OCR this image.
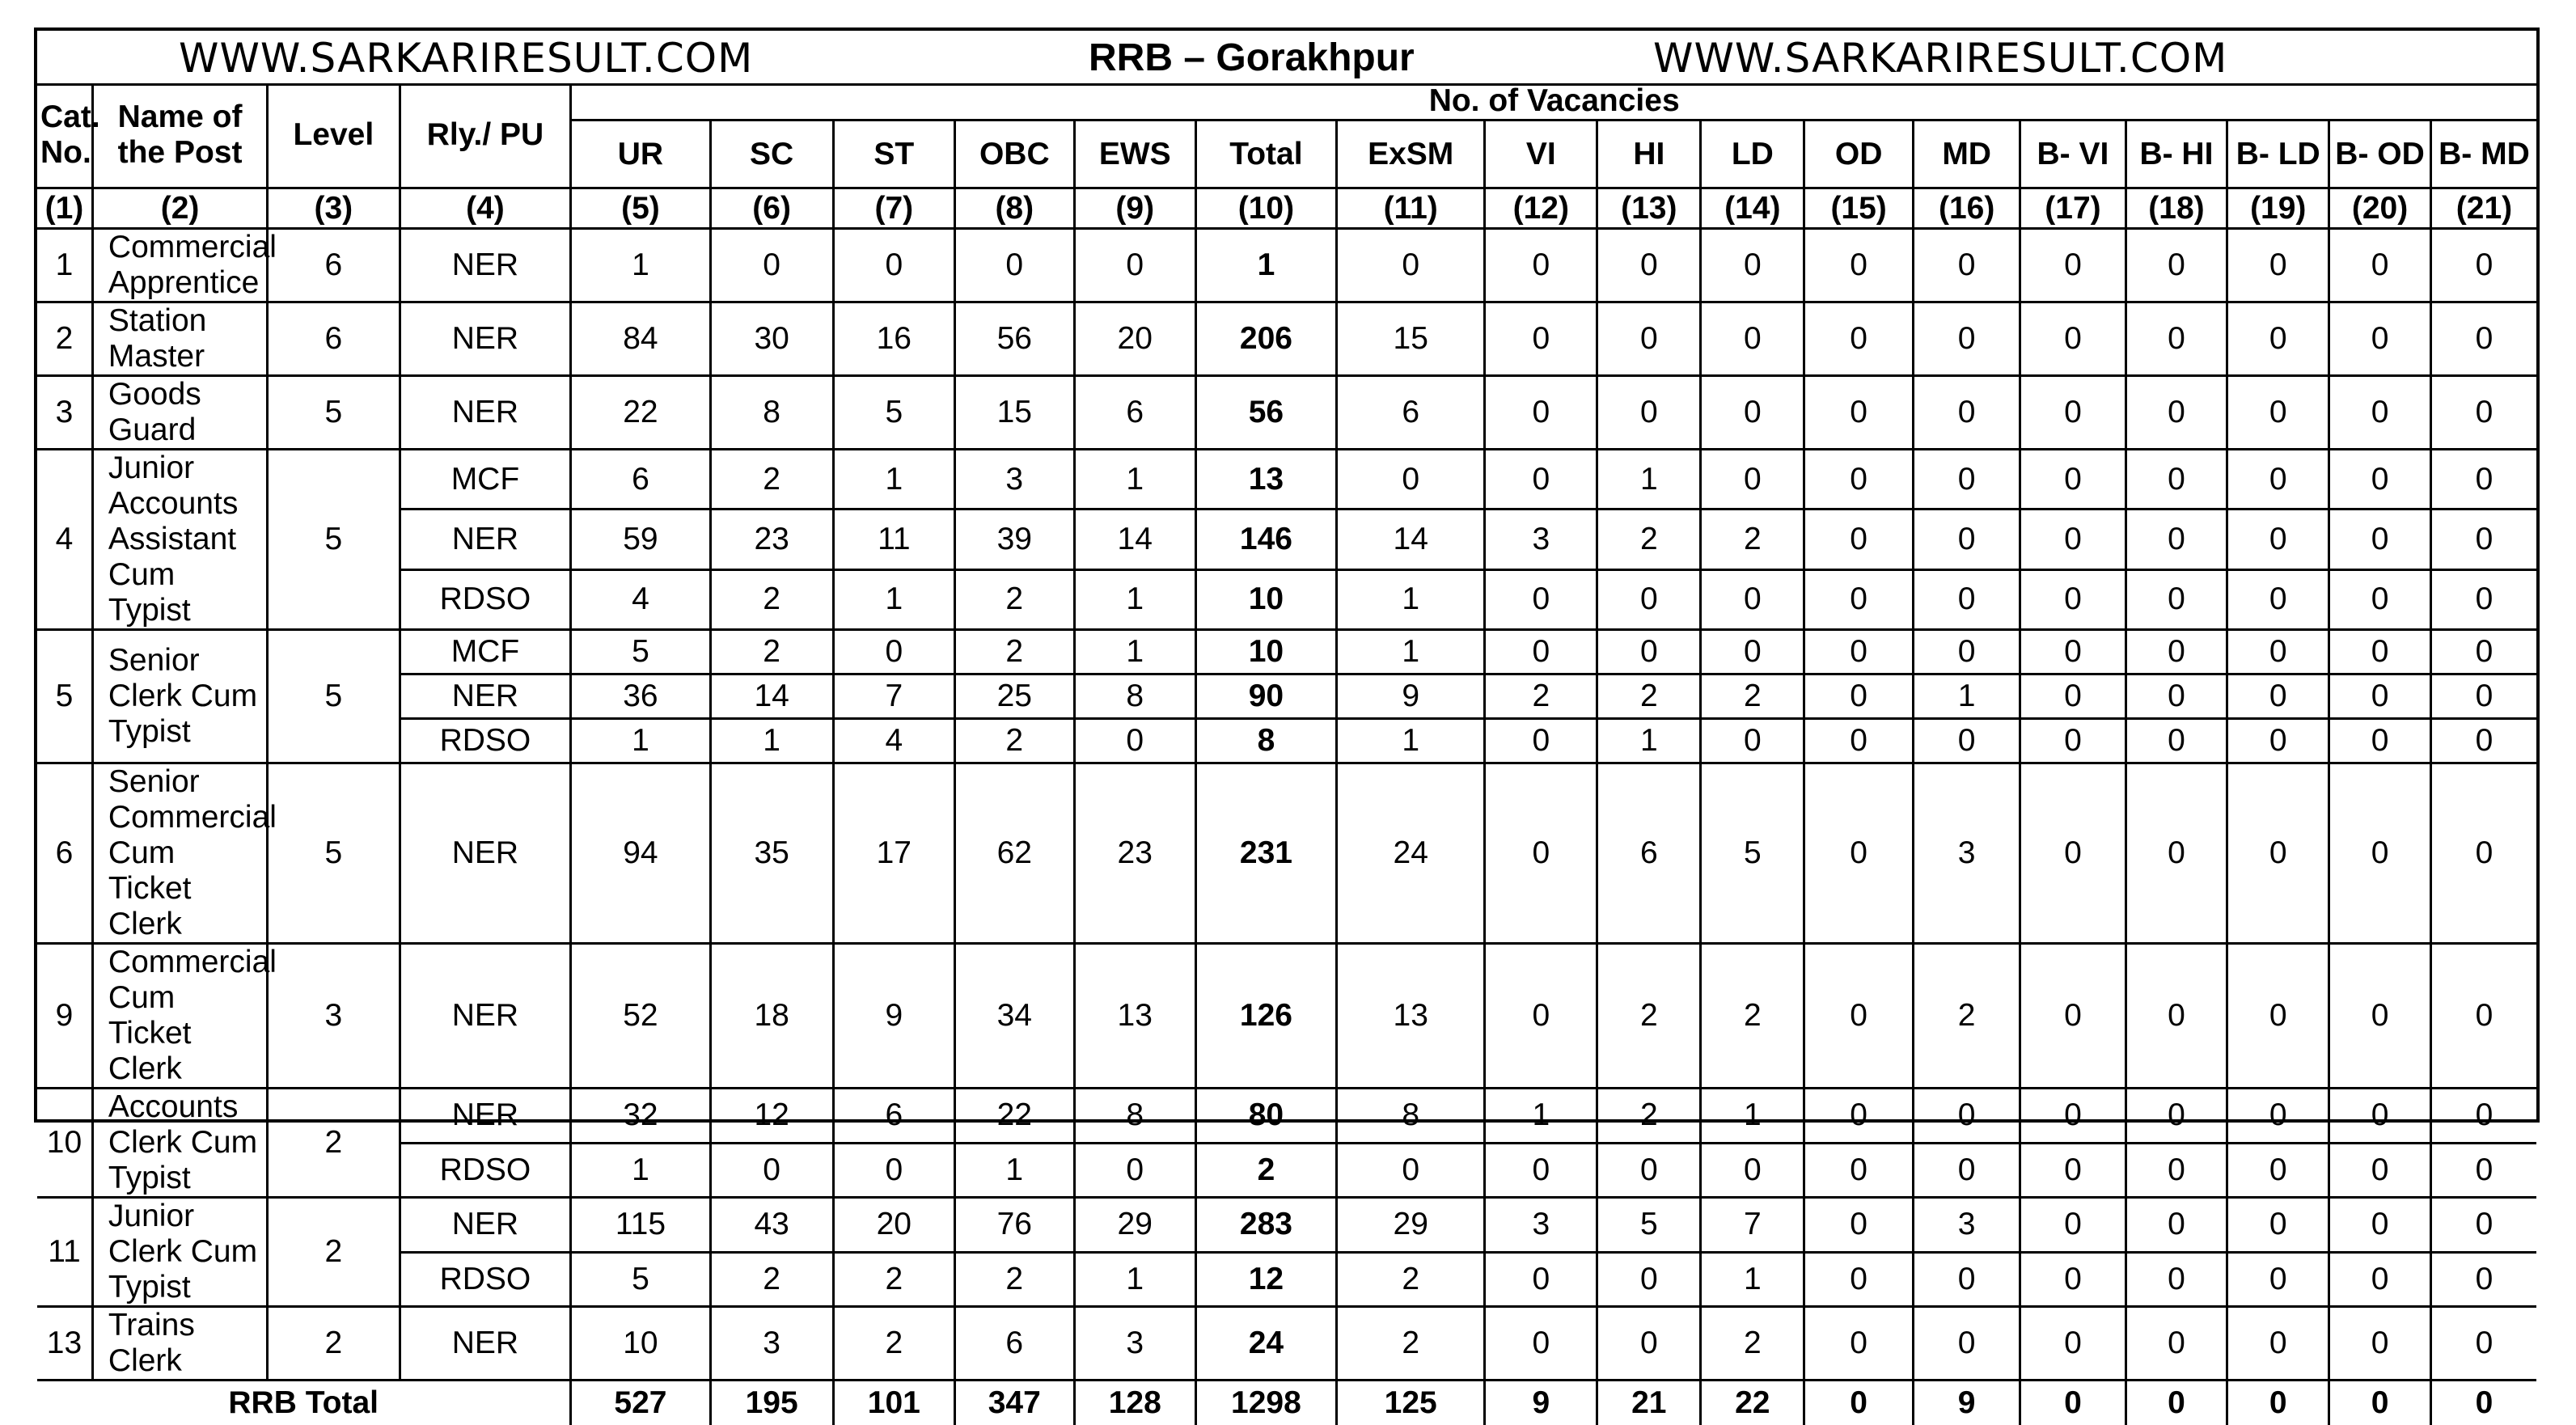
WWW.SARKARIRESULT.COM	RRB – Gorakhpur	WWW.SARKARIRESULT.COM
Cat. No.	Name of the Post	Level	Rly./ PU	No. of Vacancies																
				UR	SC	ST	OBC	EWS	Total	ExSM	VI	HI	LD	OD	MD	B- VI	B- HI	B- LD	B- OD	B- MD
(1)	(2)	(3)	(4)	(5)	(6)	(7)	(8)	(9)	(10)	(11)	(12)	(13)	(14)	(15)	(16)	(17)	(18)	(19)	(20)	(21)
1	Commercial Apprentice	6	NER	1	0	0	0	0	1	0	0	0	0	0	0	0	0	0	0	0
2	Station Master	6	NER	84	30	16	56	20	206	15	0	0	0	0	0	0	0	0	0	0
3	Goods Guard	5	NER	22	8	5	15	6	56	6	0	0	0	0	0	0	0	0	0	0
4	Junior Accounts Assistant Cum Typist	5	MCF	6	2	1	3	1	13	0	0	1	0	0	0	0	0	0	0	0
			NER	59	23	11	39	14	146	14	3	2	2	0	0	0	0	0	0	0
			RDSO	4	2	1	2	1	10	1	0	0	0	0	0	0	0	0	0	0
5	Senior Clerk Cum Typist	5	MCF	5	2	0	2	1	10	1	0	0	0	0	0	0	0	0	0	0
			NER	36	14	7	25	8	90	9	2	2	2	0	1	0	0	0	0	0
			RDSO	1	1	4	2	0	8	1	0	1	0	0	0	0	0	0	0	0
6	Senior Commercial Cum Ticket Clerk	5	NER	94	35	17	62	23	231	24	0	6	5	0	3	0	0	0	0	0
9	Commercial Cum Ticket Clerk	3	NER	52	18	9	34	13	126	13	0	2	2	0	2	0	0	0	0	0
10	Accounts Clerk Cum Typist	2	NER	32	12	6	22	8	80	8	1	2	1	0	0	0	0	0	0	0
			RDSO	1	0	0	1	0	2	0	0	0	0	0	0	0	0	0	0	0
11	Junior Clerk Cum Typist	2	NER	115	43	20	76	29	283	29	3	5	7	0	3	0	0	0	0	0
			RDSO	5	2	2	2	1	12	2	0	0	1	0	0	0	0	0	0	0
13	Trains Clerk	2	NER	10	3	2	6	3	24	2	0	0	2	0	0	0	0	0	0	0
RRB Total				527	195	101	347	128	1298	125	9	21	22	0	9	0	0	0	0	0
